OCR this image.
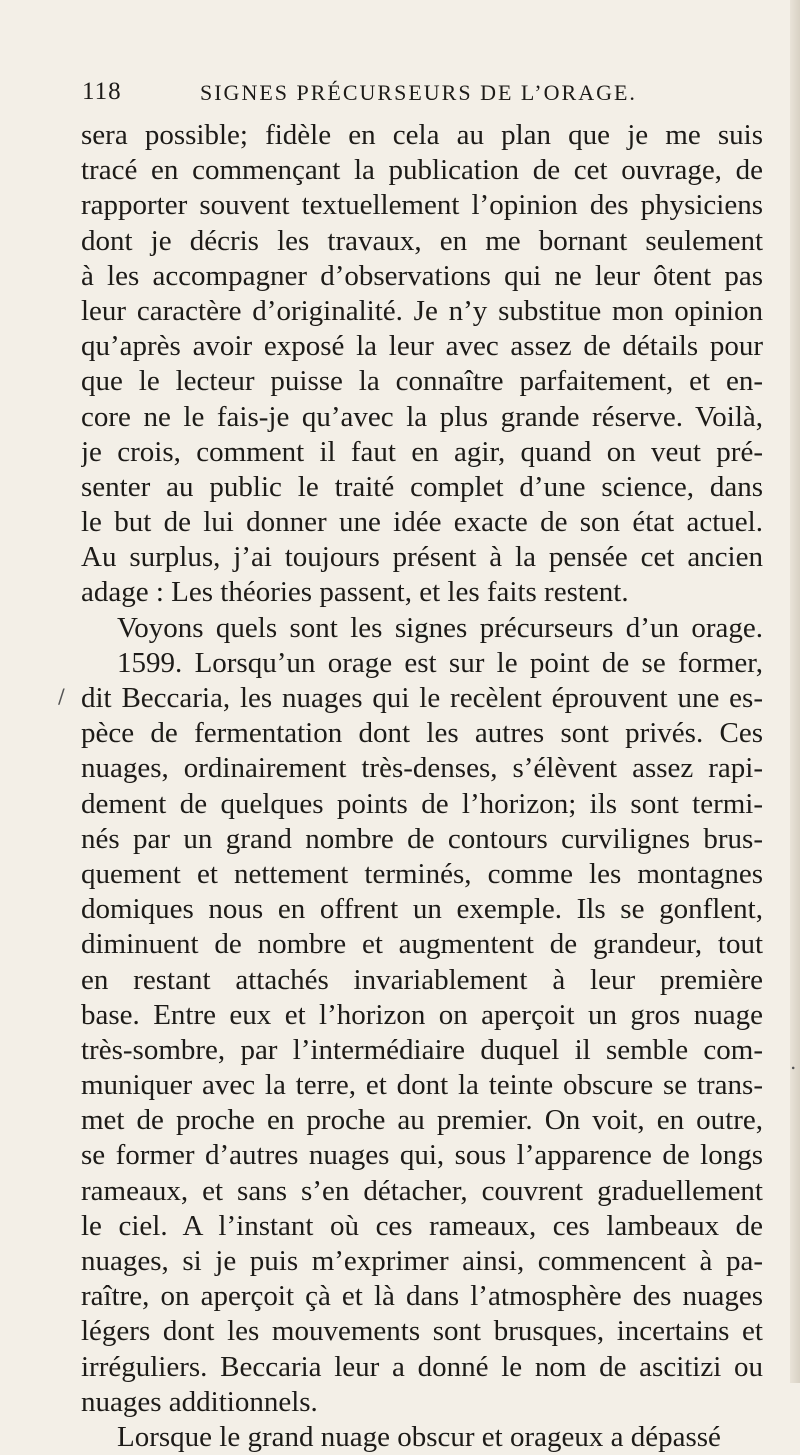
118	SIGNES PRÉCURSEURS DE L’ORAGE.
sera possible; fidèle en cela au plan que je me suis
tracé en commençant la publication de cet ouvrage, de
rapporter souvent textuellement l’opinion des physiciens
dont je décris les travaux, en me bornant seulement
à les accompagner d’observations qui ne leur ôtent pas
leur caractère d’originalité. Je n’y substitue mon opinion
qu’après avoir exposé la leur avec assez de détails pour
que le lecteur puisse la connaître parfaitement, et en-
core ne le fais-je qu’avec la plus grande réserve. Voilà,
je crois, comment il faut en agir, quand on veut pré-
senter au public le traité complet d’une science, dans
le but de lui donner une idée exacte de son état actuel.
Au surplus, j’ai toujours présent à la pensée cet ancien
adage : Les théories passent, et les faits restent.
Voyons quels sont les signes précurseurs d’un orage.
1599. Lorsqu’un orage est sur le point de se former,
dit Beccaria, les nuages qui le recèlent éprouvent une es-
pèce de fermentation dont les autres sont privés. Ces
nuages, ordinairement très-denses, s’élèvent assez rapi-
dement de quelques points de l’horizon; ils sont termi-
nés par un grand nombre de contours curvilignes brus-
quement et nettement terminés, comme les montagnes
domiques nous en offrent un exemple. Ils se gonflent,
diminuent de nombre et augmentent de grandeur, tout
en restant attachés invariablement à leur première
base. Entre eux et l’horizon on aperçoit un gros nuage
très-sombre, par l’intermédiaire duquel il semble com-
muniquer avec la terre, et dont la teinte obscure se trans-
met de proche en proche au premier. On voit, en outre,
se former d’autres nuages qui, sous l’apparence de longs
rameaux, et sans s’en détacher, couvrent graduellement
le ciel. A l’instant où ces rameaux, ces lambeaux de
nuages, si je puis m’exprimer ainsi, commencent à pa-
raître, on aperçoit çà et là dans l’atmosphère des nuages
légers dont les mouvements sont brusques, incertains et
irréguliers. Beccaria leur a donné le nom de ascitizi ou
nuages additionnels.
Lorsque le grand nuage obscur et orageux a dépassé
/
.
